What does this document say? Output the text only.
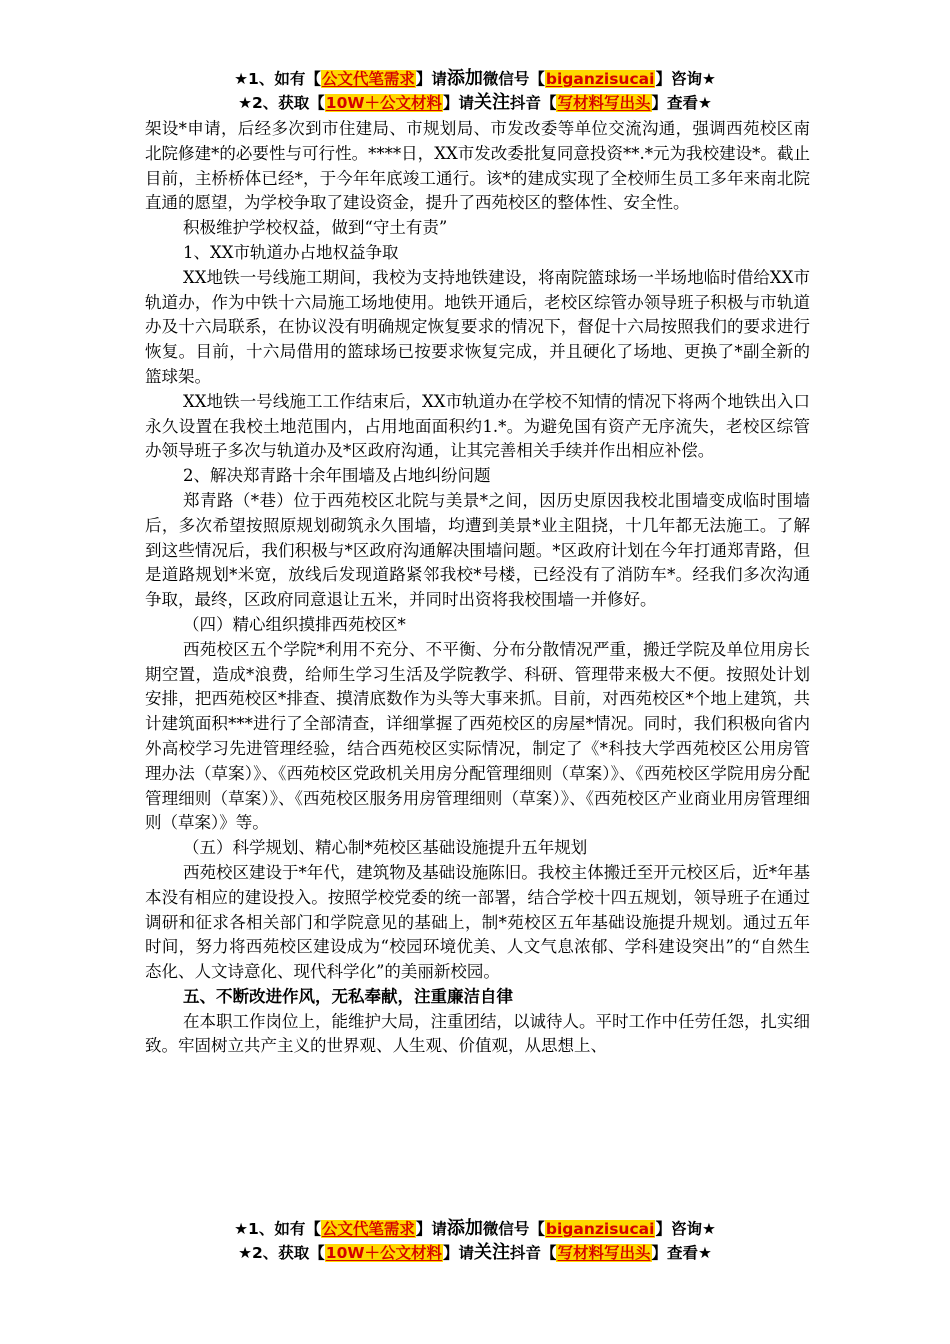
★1、如有【公文代笔需求】请添加微信号【biganzisucai】咨询★
★2、获取【10W＋公文材料】请关注抖音【写材料写出头】查看★

架设*申请，后经多次到市住建局、市规划局、市发改委等单位交流沟通，强调西苑校区南北院修建*的必要性与可行性。****日，XX市发改委批复同意投资**.*元为我校建设*。截止目前，主桥桥体已经*，于今年年底竣工通行。该*的建成实现了全校师生员工多年来南北院直通的愿望，为学校争取了建设资金，提升了西苑校区的整体性、安全性。

积极维护学校权益，做到“守土有责”

1、XX市轨道办占地权益争取

XX地铁一号线施工期间，我校为支持地铁建设，将南院篮球场一半场地临时借给XX市轨道办，作为中铁十六局施工场地使用。地铁开通后，老校区综管办领导班子积极与市轨道办及十六局联系，在协议没有明确规定恢复要求的情况下，督促十六局按照我们的要求进行恢复。目前，十六局借用的篮球场已按要求恢复完成，并且硬化了场地、更换了*副全新的篮球架。

XX地铁一号线施工工作结束后，XX市轨道办在学校不知情的情况下将两个地铁出入口永久设置在我校土地范围内，占用地面面积约1.*。为避免国有资产无序流失，老校区综管办领导班子多次与轨道办及*区政府沟通，让其完善相关手续并作出相应补偿。

2、解决郑青路十余年围墙及占地纠纷问题

郑青路（*巷）位于西苑校区北院与美景*之间，因历史原因我校北围墙变成临时围墙后，多次希望按照原规划砌筑永久围墙，均遭到美景*业主阻挠，十几年都无法施工。了解到这些情况后，我们积极与*区政府沟通解决围墙问题。*区政府计划在今年打通郑青路，但是道路规划*米宽，放线后发现道路紧邻我校*号楼，已经没有了消防车*。经我们多次沟通争取，最终，区政府同意退让五米，并同时出资将我校围墙一并修好。

（四）精心组织摸排西苑校区*

西苑校区五个学院*利用不充分、不平衡、分布分散情况严重，搬迁学院及单位用房长期空置，造成*浪费，给师生学习生活及学院教学、科研、管理带来极大不便。按照处计划安排，把西苑校区*排查、摸清底数作为头等大事来抓。目前，对西苑校区*个地上建筑，共计建筑面积***进行了全部清查，详细掌握了西苑校区的房屋*情况。同时，我们积极向省内外高校学习先进管理经验，结合西苑校区实际情况，制定了《*科技大学西苑校区公用房管理办法（草案）》、《西苑校区党政机关用房分配管理细则（草案）》、《西苑校区学院用房分配管理细则（草案）》、《西苑校区服务用房管理细则（草案）》、《西苑校区产业商业用房管理细则（草案）》等。

（五）科学规划、精心制*苑校区基础设施提升五年规划

西苑校区建设于*年代，建筑物及基础设施陈旧。我校主体搬迁至开元校区后，近*年基本没有相应的建设投入。按照学校党委的统一部署，结合学校十四五规划，领导班子在通过调研和征求各相关部门和学院意见的基础上，制*苑校区五年基础设施提升规划。通过五年时间，努力将西苑校区建设成为“校园环境优美、人文气息浓郁、学科建设突出”的“自然生态化、人文诗意化、现代科学化”的美丽新校园。

五、不断改进作风，无私奉献，注重廉洁自律

在本职工作岗位上，能维护大局，注重团结，以诚待人。平时工作中任劳任怨，扎实细致。牢固树立共产主义的世界观、人生观、价值观，从思想上、

★1、如有【公文代笔需求】请添加微信号【biganzisucai】咨询★
★2、获取【10W＋公文材料】请关注抖音【写材料写出头】查看★
